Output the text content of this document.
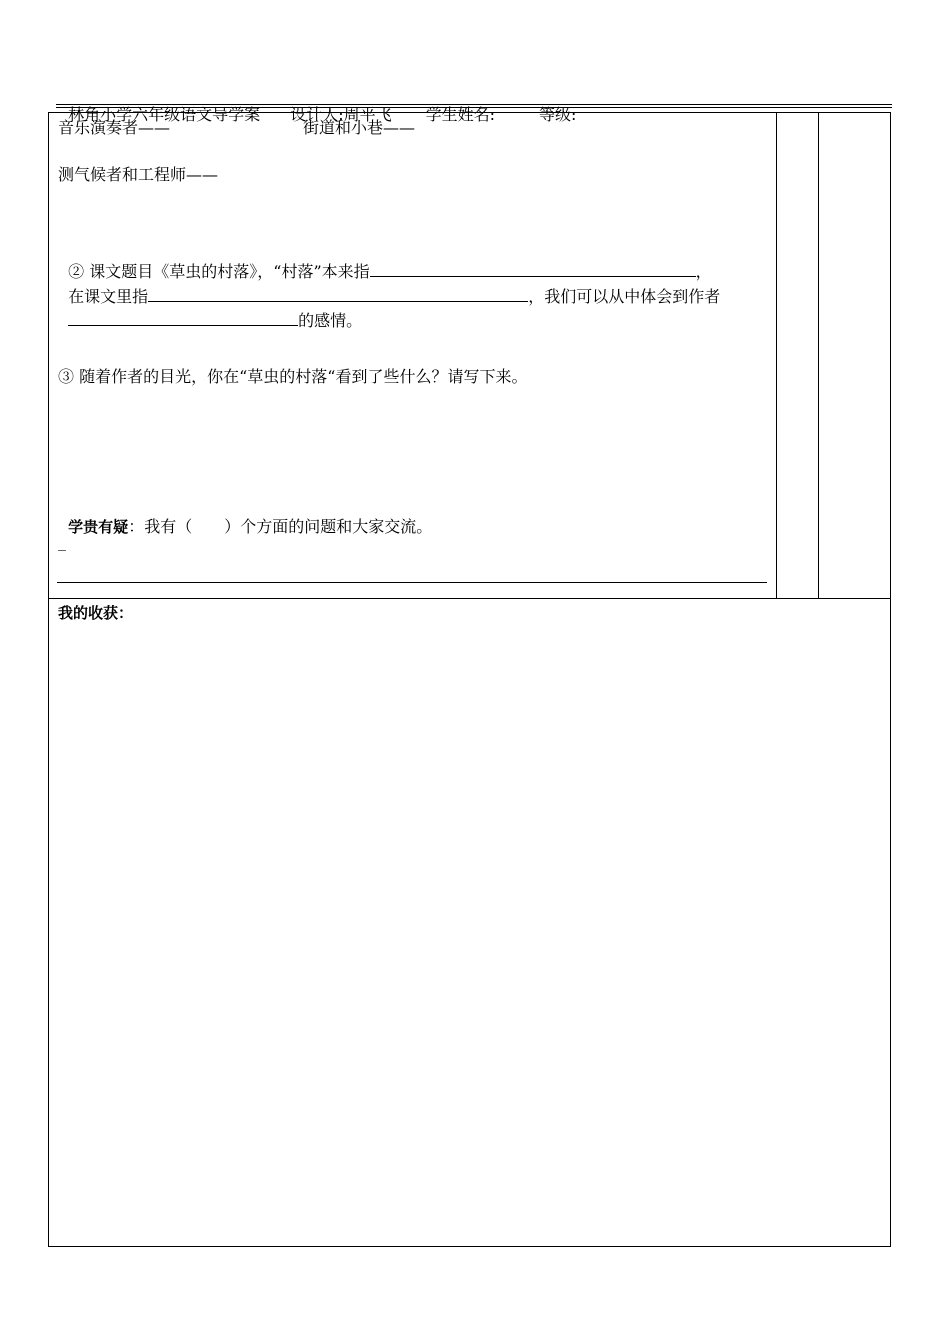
林角小学六年级语文导学案 设计人:周平飞 学生姓名:	等级:

音乐演奏者——	街道和小巷——
测气候者和工程师——

② 课文题目《草虫的村落》，“村落”本来指	，

在课文里指	，我们可以从中体会到作者

的感情。

③ 随着作者的目光，你在“草虫的村落“看到了些什么？请写下来。

学贵有疑：我有（　　）个方面的问题和大家交流。

_
我的收获：
